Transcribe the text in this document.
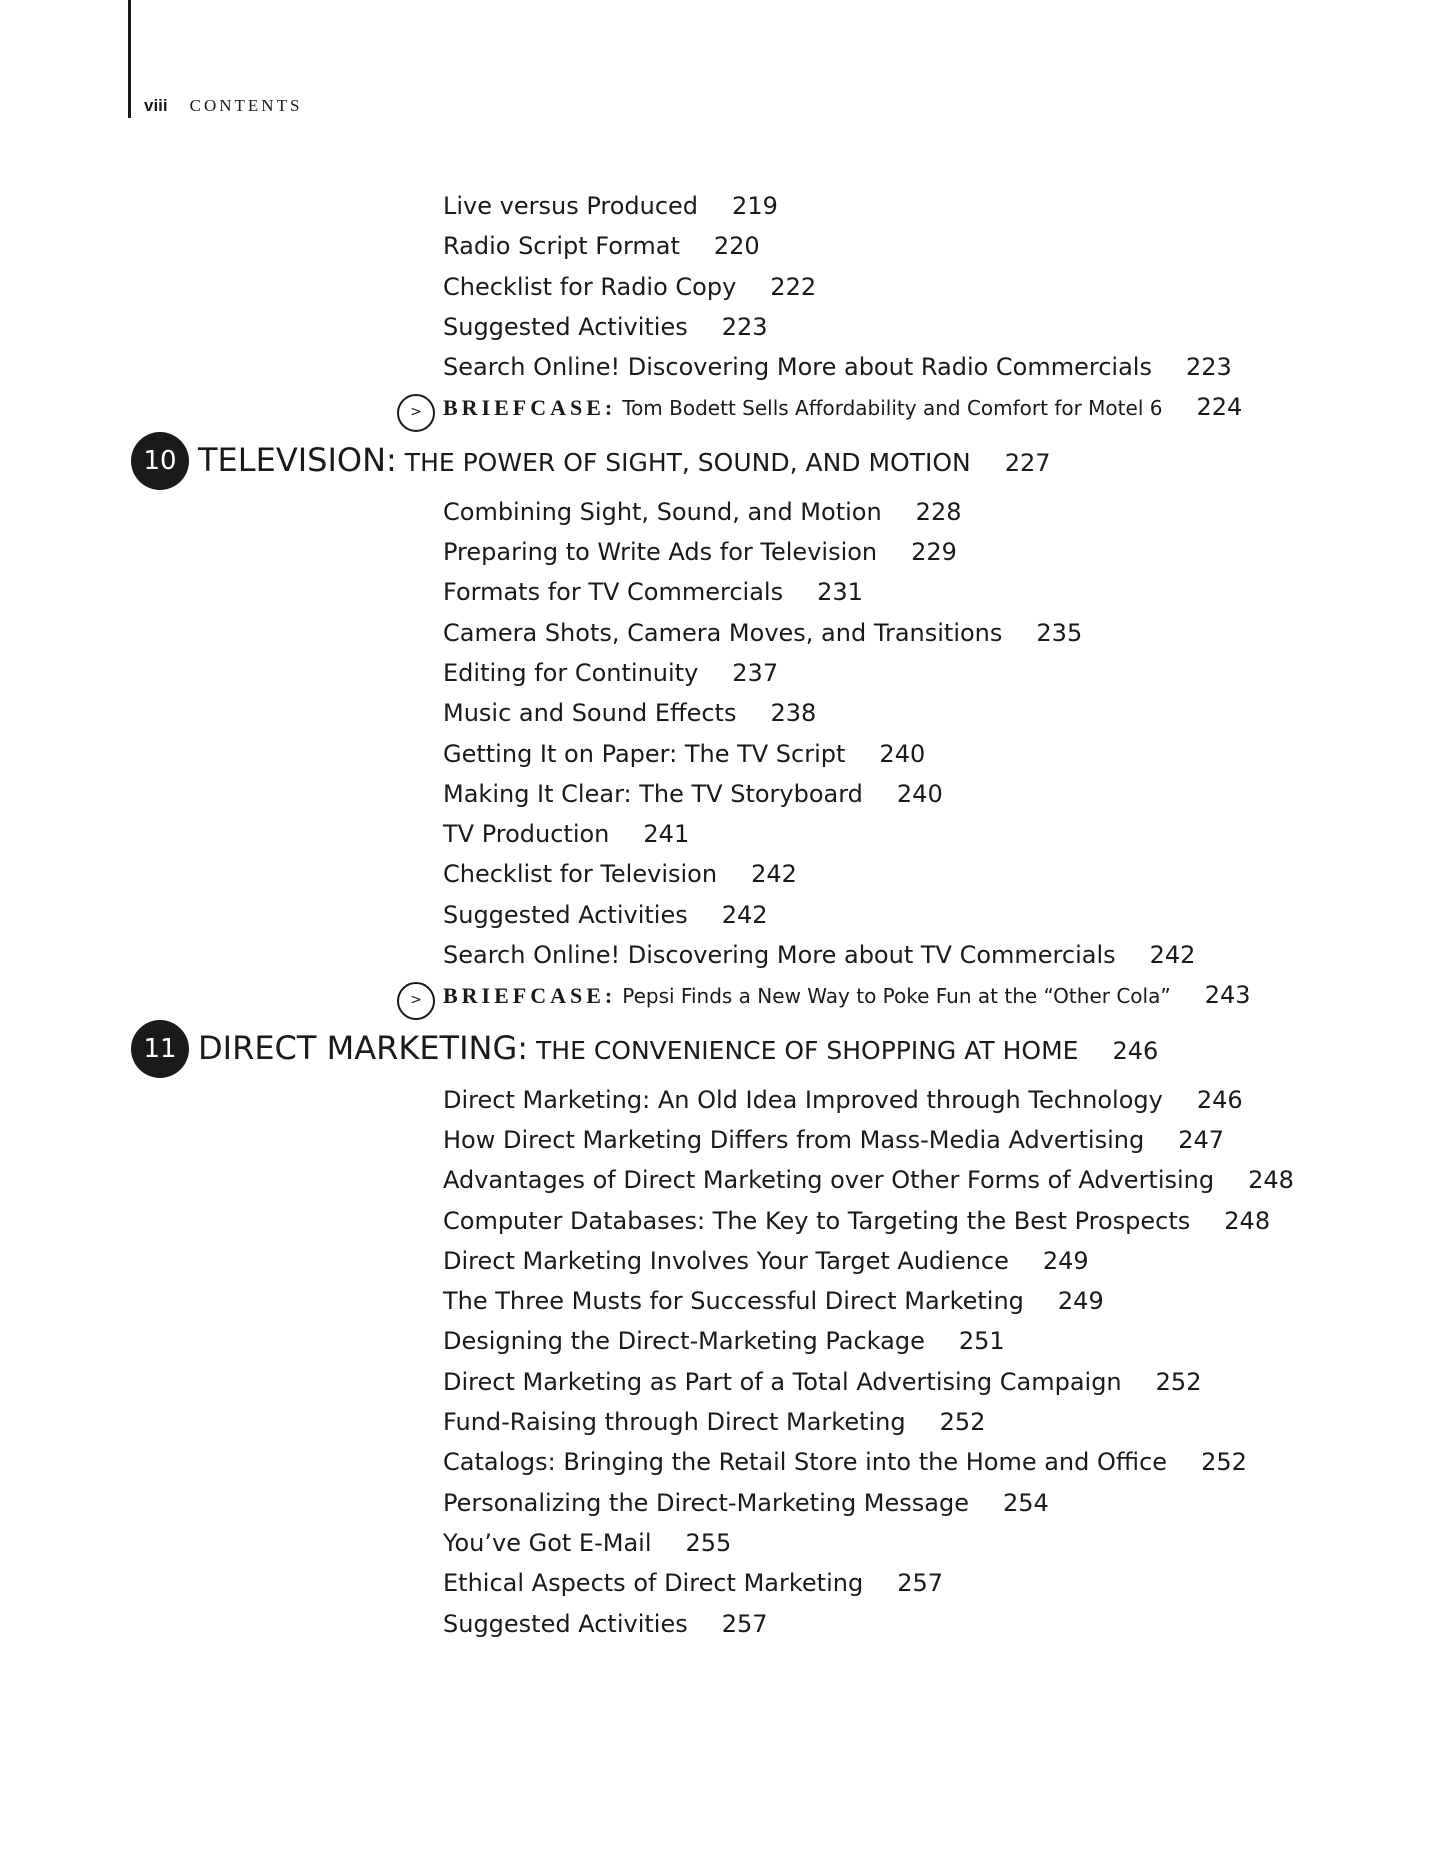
viii CONTENTS
Live versus Produced 219
Radio Script Format 220
Checklist for Radio Copy 222
Suggested Activities 223
Search Online! Discovering More about Radio Commercials 223
> BRIEFCASE: Tom Bodett Sells Affordability and Comfort for Motel 6 224
10 TELEVISION: THE POWER OF SIGHT, SOUND, AND MOTION 227
Combining Sight, Sound, and Motion 228
Preparing to Write Ads for Television 229
Formats for TV Commercials 231
Camera Shots, Camera Moves, and Transitions 235
Editing for Continuity 237
Music and Sound Effects 238
Getting It on Paper: The TV Script 240
Making It Clear: The TV Storyboard 240
TV Production 241
Checklist for Television 242
Suggested Activities 242
Search Online! Discovering More about TV Commercials 242
> BRIEFCASE: Pepsi Finds a New Way to Poke Fun at the “Other Cola” 243
11 DIRECT MARKETING: THE CONVENIENCE OF SHOPPING AT HOME 246
Direct Marketing: An Old Idea Improved through Technology 246
How Direct Marketing Differs from Mass-Media Advertising 247
Advantages of Direct Marketing over Other Forms of Advertising 248
Computer Databases: The Key to Targeting the Best Prospects 248
Direct Marketing Involves Your Target Audience 249
The Three Musts for Successful Direct Marketing 249
Designing the Direct-Marketing Package 251
Direct Marketing as Part of a Total Advertising Campaign 252
Fund-Raising through Direct Marketing 252
Catalogs: Bringing the Retail Store into the Home and Office 252
Personalizing the Direct-Marketing Message 254
You’ve Got E-Mail 255
Ethical Aspects of Direct Marketing 257
Suggested Activities 257
